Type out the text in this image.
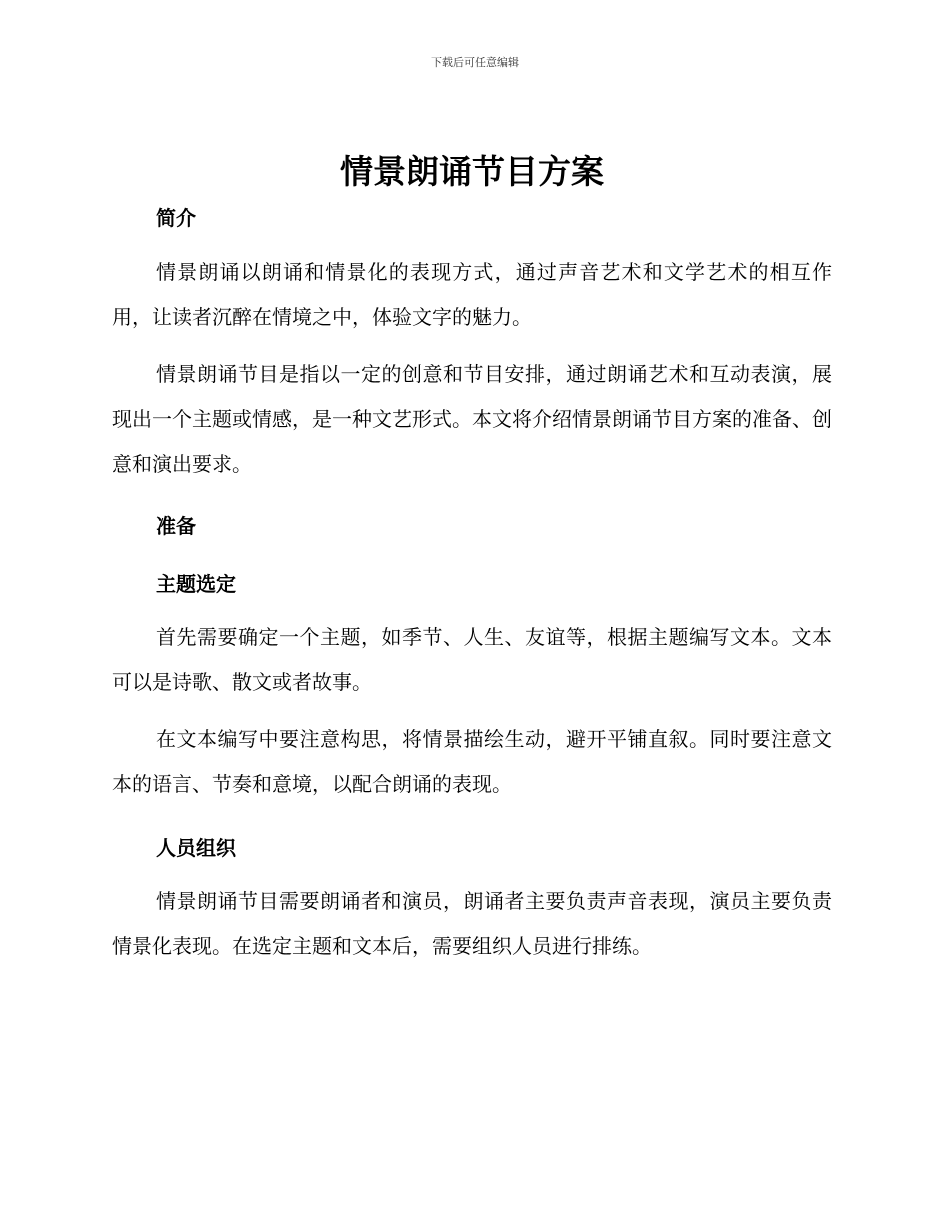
下载后可任意编辑
情景朗诵节目方案
简介

情景朗诵以朗诵和情景化的表现方式，通过声音艺术和文学艺术的相互作用，让读者沉醉在情境之中，体验文字的魅力。

情景朗诵节目是指以一定的创意和节目安排，通过朗诵艺术和互动表演，展现出一个主题或情感，是一种文艺形式。本文将介绍情景朗诵节目方案的准备、创意和演出要求。

准备
主题选定

首先需要确定一个主题，如季节、人生、友谊等，根据主题编写文本。文本可以是诗歌、散文或者故事。

在文本编写中要注意构思，将情景描绘生动，避开平铺直叙。同时要注意文本的语言、节奏和意境，以配合朗诵的表现。

人员组织

情景朗诵节目需要朗诵者和演员，朗诵者主要负责声音表现，演员主要负责情景化表现。在选定主题和文本后，需要组织人员进行排练。
